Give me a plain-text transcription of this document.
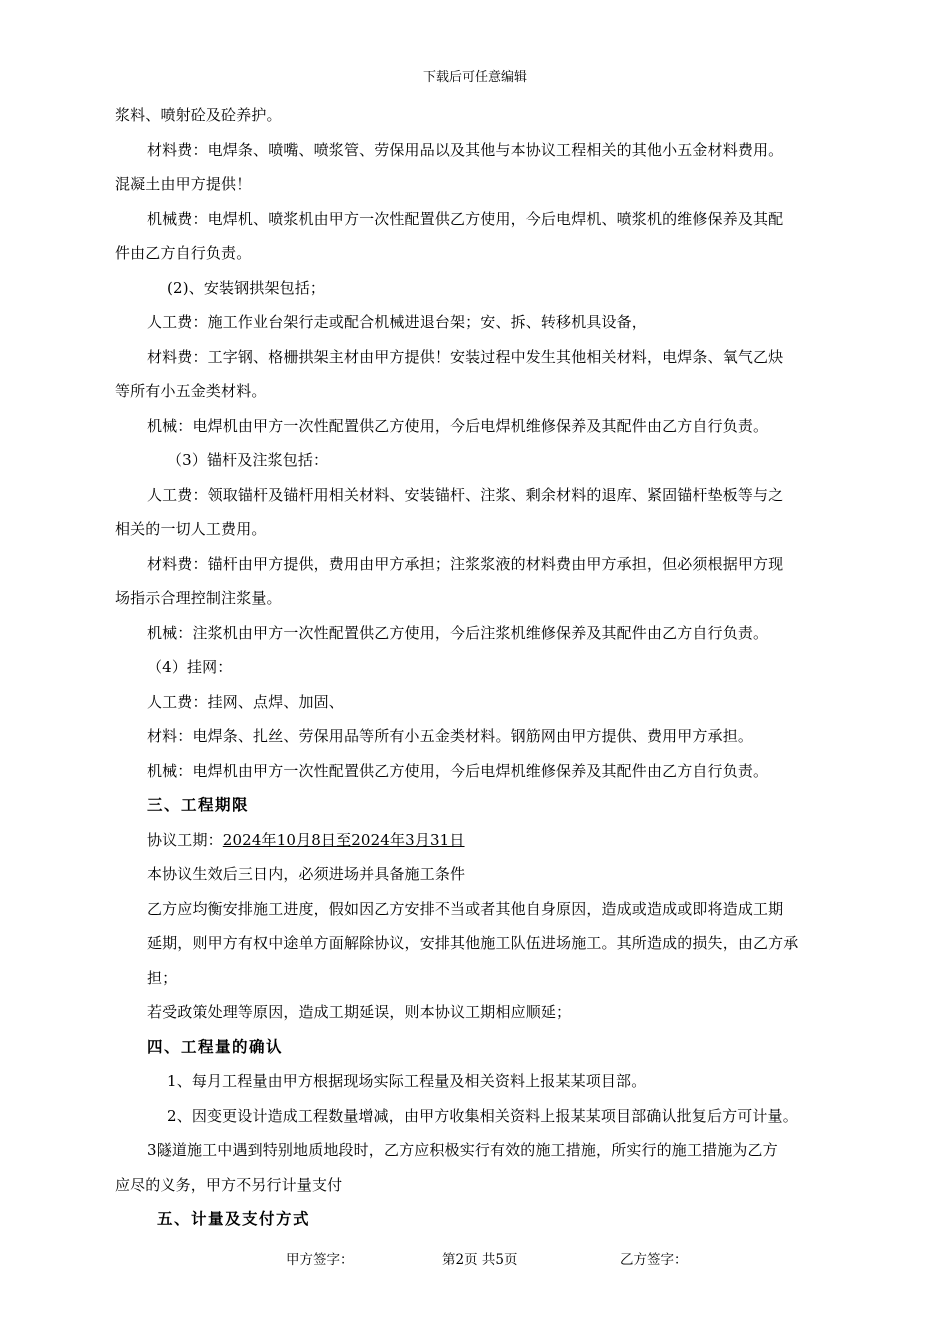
下载后可任意编辑
浆料、喷射砼及砼养护。
材料费：电焊条、喷嘴、喷浆管、劳保用品以及其他与本协议工程相关的其他小五金材料费用。
混凝土由甲方提供！
机械费：电焊机、喷浆机由甲方一次性配置供乙方使用，今后电焊机、喷浆机的维修保养及其配
件由乙方自行负责。
(2)、安装钢拱架包括；
人工费：施工作业台架行走或配合机械进退台架；安、拆、转移机具设备，
材料费：工字钢、格栅拱架主材由甲方提供！安装过程中发生其他相关材料，电焊条、氧气乙炔
等所有小五金类材料。
机械：电焊机由甲方一次性配置供乙方使用，今后电焊机维修保养及其配件由乙方自行负责。
（3）锚杆及注浆包括：
人工费：领取锚杆及锚杆用相关材料、安装锚杆、注浆、剩余材料的退库、紧固锚杆垫板等与之
相关的一切人工费用。
材料费：锚杆由甲方提供，费用由甲方承担；注浆浆液的材料费由甲方承担，但必须根据甲方现
场指示合理控制注浆量。
机械：注浆机由甲方一次性配置供乙方使用，今后注浆机维修保养及其配件由乙方自行负责。
（4）挂网：
人工费：挂网、点焊、加固、
材料：电焊条、扎丝、劳保用品等所有小五金类材料。钢筋网由甲方提供、费用甲方承担。
机械：电焊机由甲方一次性配置供乙方使用，今后电焊机维修保养及其配件由乙方自行负责。
三、工程期限
协议工期：2024年10月8日至2024年3月31日
本协议生效后三日内，必须进场并具备施工条件
乙方应均衡安排施工进度，假如因乙方安排不当或者其他自身原因，造成或造成或即将造成工期
延期，则甲方有权中途单方面解除协议，安排其他施工队伍进场施工。其所造成的损失，由乙方承
担；
若受政策处理等原因，造成工期延误，则本协议工期相应顺延；
四、工程量的确认
1、每月工程量由甲方根据现场实际工程量及相关资料上报某某项目部。
2、因变更设计造成工程数量增减，由甲方收集相关资料上报某某项目部确认批复后方可计量。
3隧道施工中遇到特别地质地段时，乙方应积极实行有效的施工措施，所实行的施工措施为乙方
应尽的义务，甲方不另行计量支付
五、计量及支付方式
甲方签字：	第2页 共5页	乙方签字：
